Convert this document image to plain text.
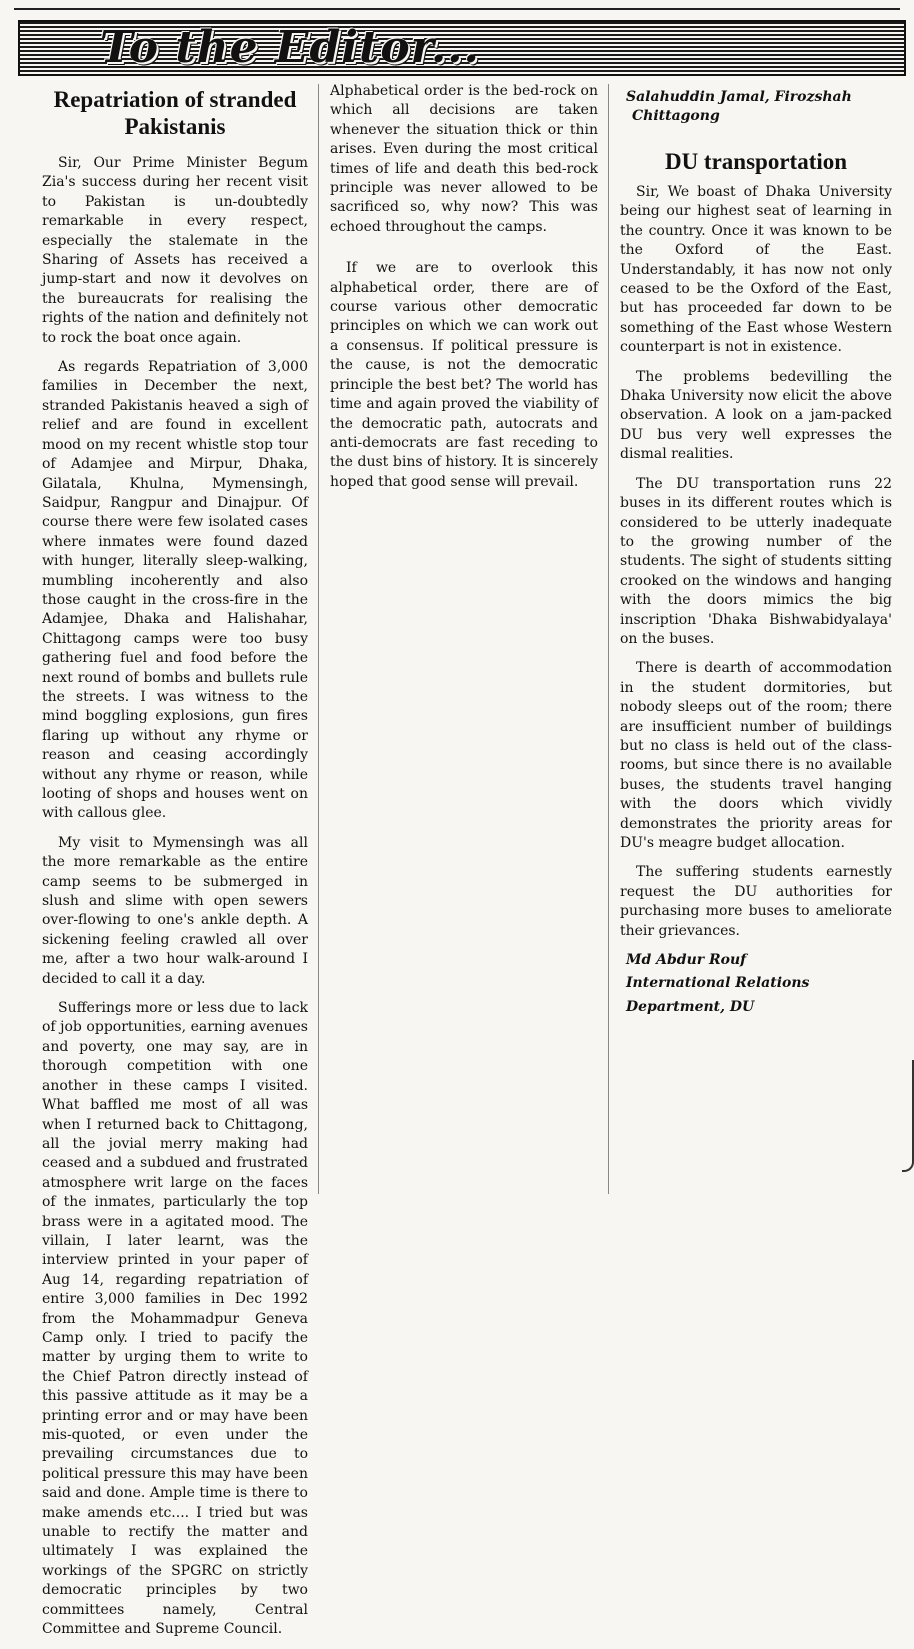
To the Editor...
Repatriation of stranded Pakistanis

Sir, Our Prime Minister Begum Zia's success during her recent visit to Pakistan is un-doubtedly remarkable in every respect, especially the stalemate in the Sharing of Assets has received a jump-start and now it devolves on the bureaucrats for realising the rights of the nation and definitely not to rock the boat once again.

As regards Repatriation of 3,000 families in December the next, stranded Pakistanis heaved a sigh of relief and are found in excellent mood on my recent whistle stop tour of Adamjee and Mirpur, Dhaka, Gilatala, Khulna, Mymensingh, Saidpur, Rangpur and Dinajpur. Of course there were few isolated cases where inmates were found dazed with hunger, literally sleep-walking, mumbling incoherently and also those caught in the cross-fire in the Adamjee, Dhaka and Halishahar, Chittagong camps were too busy gathering fuel and food before the next round of bombs and bullets rule the streets. I was witness to the mind boggling explosions, gun fires flaring up without any rhyme or reason and ceasing accordingly without any rhyme or reason, while looting of shops and houses went on with callous glee.

My visit to Mymensingh was all the more remarkable as the entire camp seems to be submerged in slush and slime with open sewers over-flowing to one's ankle depth. A sickening feeling crawled all over me, after a two hour walk-around I decided to call it a day.

Sufferings more or less due to lack of job opportunities, earning avenues and poverty, one may say, are in thorough competition with one another in these camps I visited. What baffled me most of all was when I returned back to Chittagong, all the jovial merry making had ceased and a subdued and frustrated atmosphere writ large on the faces of the inmates, particularly the top brass were in a agitated mood. The villain, I later learnt, was the interview printed in your paper of Aug 14, regarding repatriation of entire 3,000 families in Dec 1992 from the Mohammadpur Geneva Camp only. I tried to pacify the matter by urging them to write to the Chief Patron directly instead of this passive attitude as it may be a printing error and or may have been mis-quoted, or even under the prevailing circumstances due to political pressure this may have been said and done. Ample time is there to make amends etc.... I tried but was unable to rectify the matter and ultimately I was explained the workings of the SPGRC on strictly democratic principles by two committees namely, Central Committee and Supreme Council.

Alphabetical order is the bed-rock on which all decisions are taken whenever the situation thick or thin arises. Even during the most critical times of life and death this bed-rock principle was never allowed to be sacrificed so, why now? This was echoed throughout the camps.

If we are to overlook this alphabetical order, there are of course various other democratic principles on which we can work out a consensus. If political pressure is the cause, is not the democratic principle the best bet? The world has time and again proved the viability of the democratic path, autocrats and anti-democrats are fast receding to the dust bins of history. It is sincerely hoped that good sense will prevail.

Salahuddin Jamal, Firozshah
Chittagong
DU transportation

Sir, We boast of Dhaka University being our highest seat of learning in the country. Once it was known to be the Oxford of the East. Understandably, it has now not only ceased to be the Oxford of the East, but has proceeded far down to be something of the East whose Western counterpart is not in existence.

The problems bedevilling the Dhaka University now elicit the above observation. A look on a jam-packed DU bus very well expresses the dismal realities.

The DU transportation runs 22 buses in its different routes which is considered to be utterly inadequate to the growing number of the students. The sight of students sitting crooked on the windows and hanging with the doors mimics the big inscription 'Dhaka Bishwabidyalaya' on the buses.

There is dearth of accommodation in the student dormitories, but nobody sleeps out of the room; there are insufficient number of buildings but no class is held out of the class-rooms, but since there is no available buses, the students travel hanging with the doors which vividly demonstrates the priority areas for DU's meagre budget allocation.

The suffering students earnestly request the DU authorities for purchasing more buses to ameliorate their grievances.

Md Abdur Rouf
International Relations
Department, DU
